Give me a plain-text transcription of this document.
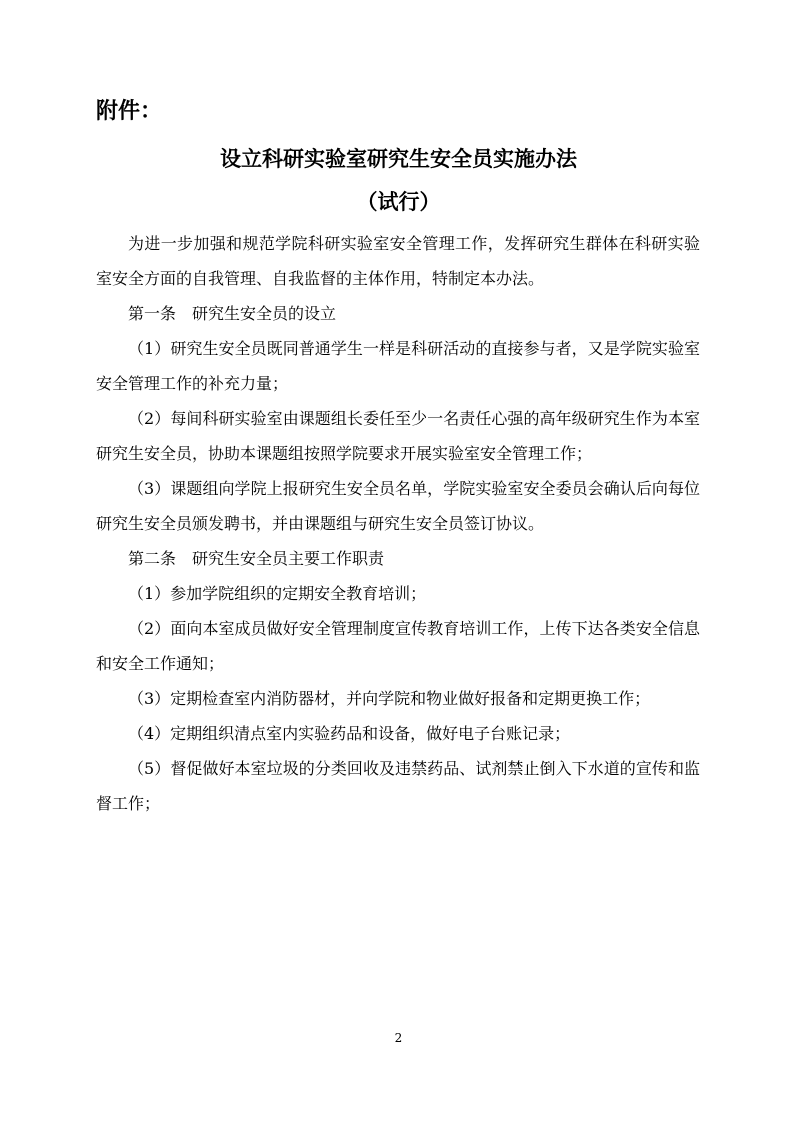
附件：
设立科研实验室研究生安全员实施办法
（试行）

为进一步加强和规范学院科研实验室安全管理工作，发挥研究生群体在科研实验室安全方面的自我管理、自我监督的主体作用，特制定本办法。

第一条　研究生安全员的设立

（1）研究生安全员既同普通学生一样是科研活动的直接参与者，又是学院实验室安全管理工作的补充力量；

（2）每间科研实验室由课题组长委任至少一名责任心强的高年级研究生作为本室研究生安全员，协助本课题组按照学院要求开展实验室安全管理工作；

（3）课题组向学院上报研究生安全员名单，学院实验室安全委员会确认后向每位研究生安全员颁发聘书，并由课题组与研究生安全员签订协议。

第二条　研究生安全员主要工作职责

（1）参加学院组织的定期安全教育培训；

（2）面向本室成员做好安全管理制度宣传教育培训工作，上传下达各类安全信息和安全工作通知；

（3）定期检查室内消防器材，并向学院和物业做好报备和定期更换工作；

（4）定期组织清点室内实验药品和设备，做好电子台账记录；

（5）督促做好本室垃圾的分类回收及违禁药品、试剂禁止倒入下水道的宣传和监督工作；

2
